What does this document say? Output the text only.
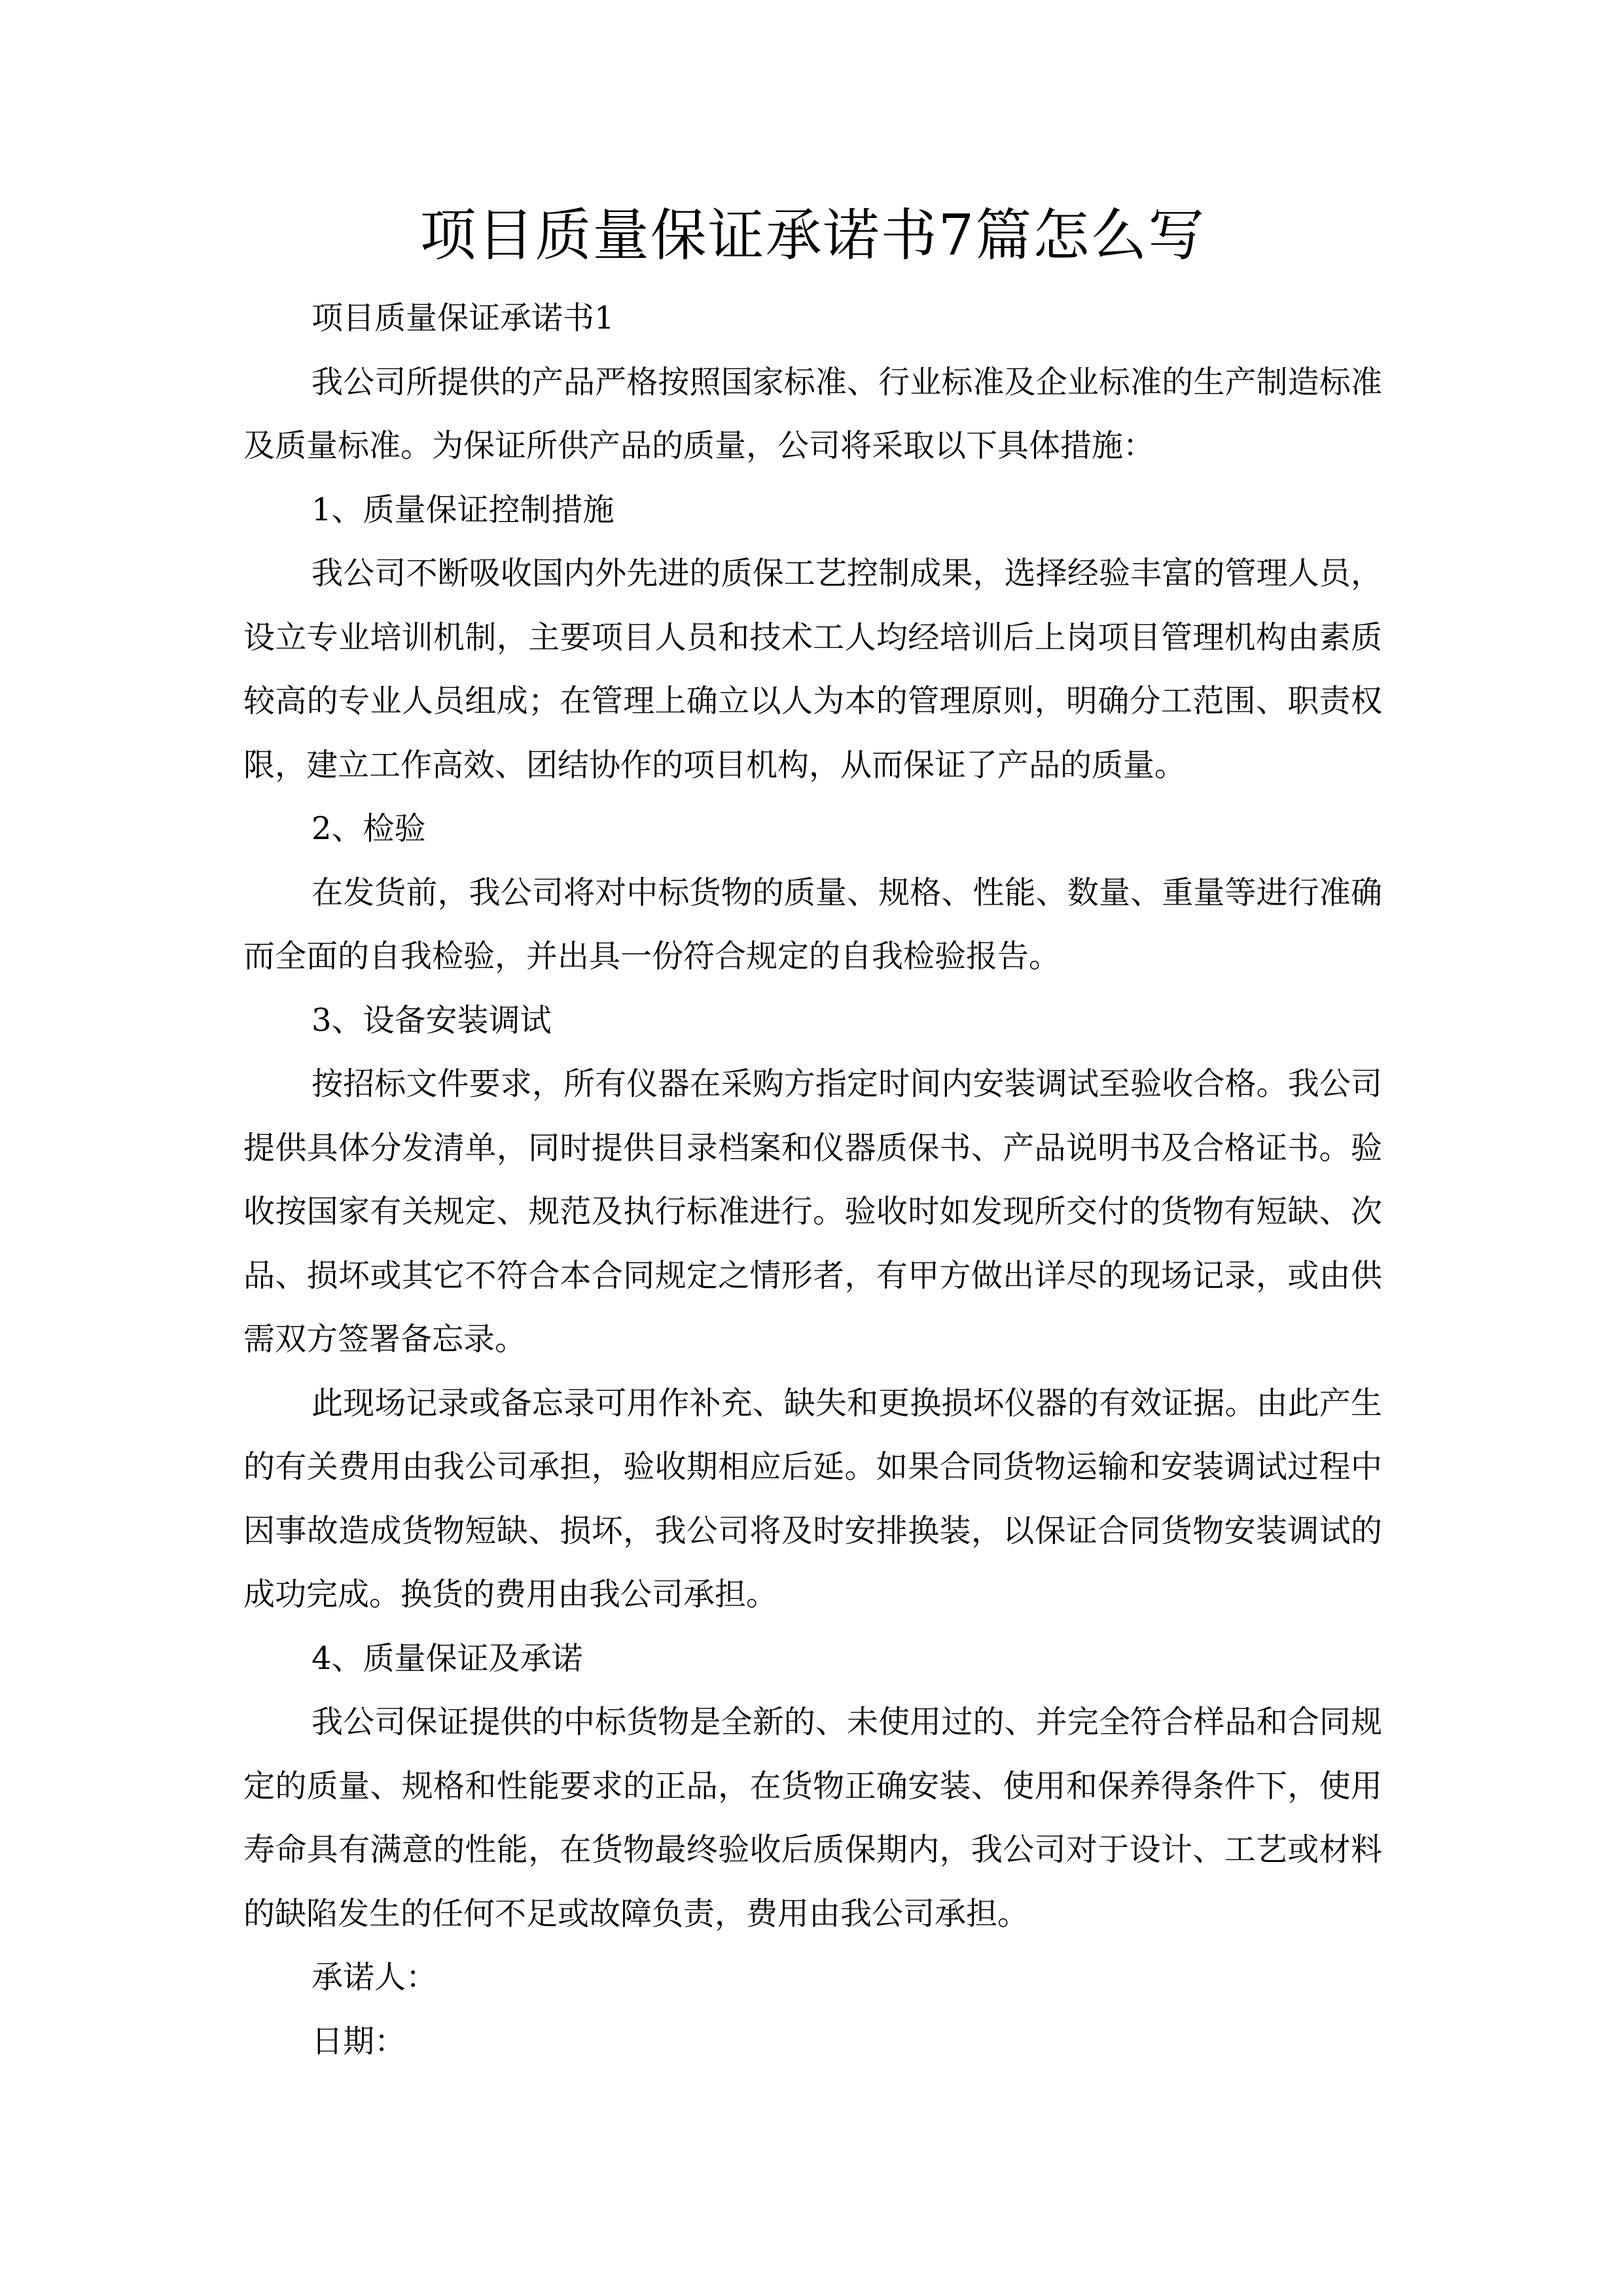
项目质量保证承诺书7篇怎么写

项目质量保证承诺书1

我公司所提供的产品严格按照国家标准、行业标准及企业标准的生产制造标准及质量标准。为保证所供产品的质量，公司将采取以下具体措施：

1、质量保证控制措施

我公司不断吸收国内外先进的质保工艺控制成果，选择经验丰富的管理人员，设立专业培训机制，主要项目人员和技术工人均经培训后上岗项目管理机构由素质较高的专业人员组成；在管理上确立以人为本的管理原则，明确分工范围、职责权限，建立工作高效、团结协作的项目机构，从而保证了产品的质量。

2、检验

在发货前，我公司将对中标货物的质量、规格、性能、数量、重量等进行准确而全面的自我检验，并出具一份符合规定的自我检验报告。

3、设备安装调试

按招标文件要求，所有仪器在采购方指定时间内安装调试至验收合格。我公司提供具体分发清单，同时提供目录档案和仪器质保书、产品说明书及合格证书。验收按国家有关规定、规范及执行标准进行。验收时如发现所交付的货物有短缺、次品、损坏或其它不符合本合同规定之情形者，有甲方做出详尽的现场记录，或由供需双方签署备忘录。

此现场记录或备忘录可用作补充、缺失和更换损坏仪器的有效证据。由此产生的有关费用由我公司承担，验收期相应后延。如果合同货物运输和安装调试过程中因事故造成货物短缺、损坏，我公司将及时安排换装，以保证合同货物安装调试的成功完成。换货的费用由我公司承担。

4、质量保证及承诺

我公司保证提供的中标货物是全新的、未使用过的、并完全符合样品和合同规定的质量、规格和性能要求的正品，在货物正确安装、使用和保养得条件下，使用寿命具有满意的性能，在货物最终验收后质保期内，我公司对于设计、工艺或材料的缺陷发生的任何不足或故障负责，费用由我公司承担。

承诺人：

日期：
